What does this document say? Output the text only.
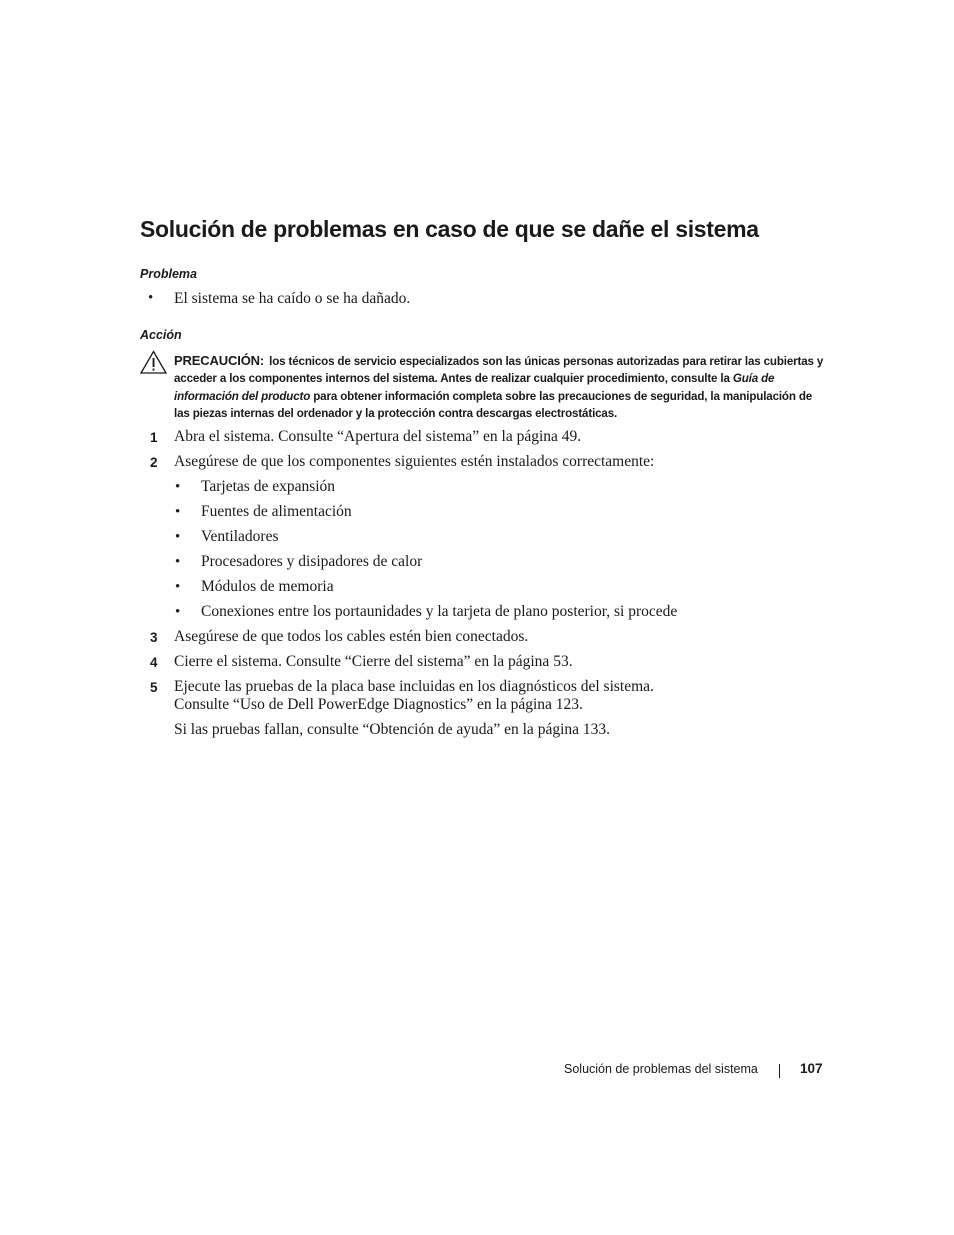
Solución de problemas en caso de que se dañe el sistema
Problema
• El sistema se ha caído o se ha dañado.
Acción
PRECAUCIÓN: los técnicos de servicio especializados son las únicas personas autorizadas para retirar las cubiertas y acceder a los componentes internos del sistema. Antes de realizar cualquier procedimiento, consulte la Guía de información del producto para obtener información completa sobre las precauciones de seguridad, la manipulación de las piezas internas del ordenador y la protección contra descargas electrostáticas.
1 Abra el sistema. Consulte “Apertura del sistema” en la página 49.
2 Asegúrese de que los componentes siguientes estén instalados correctamente:
• Tarjetas de expansión
• Fuentes de alimentación
• Ventiladores
• Procesadores y disipadores de calor
• Módulos de memoria
• Conexiones entre los portaunidades y la tarjeta de plano posterior, si procede
3 Asegúrese de que todos los cables estén bien conectados.
4 Cierre el sistema. Consulte “Cierre del sistema” en la página 53.
5 Ejecute las pruebas de la placa base incluidas en los diagnósticos del sistema.
Consulte “Uso de Dell PowerEdge Diagnostics” en la página 123.
Si las pruebas fallan, consulte “Obtención de ayuda” en la página 133.
Solución de problemas del sistema	107
